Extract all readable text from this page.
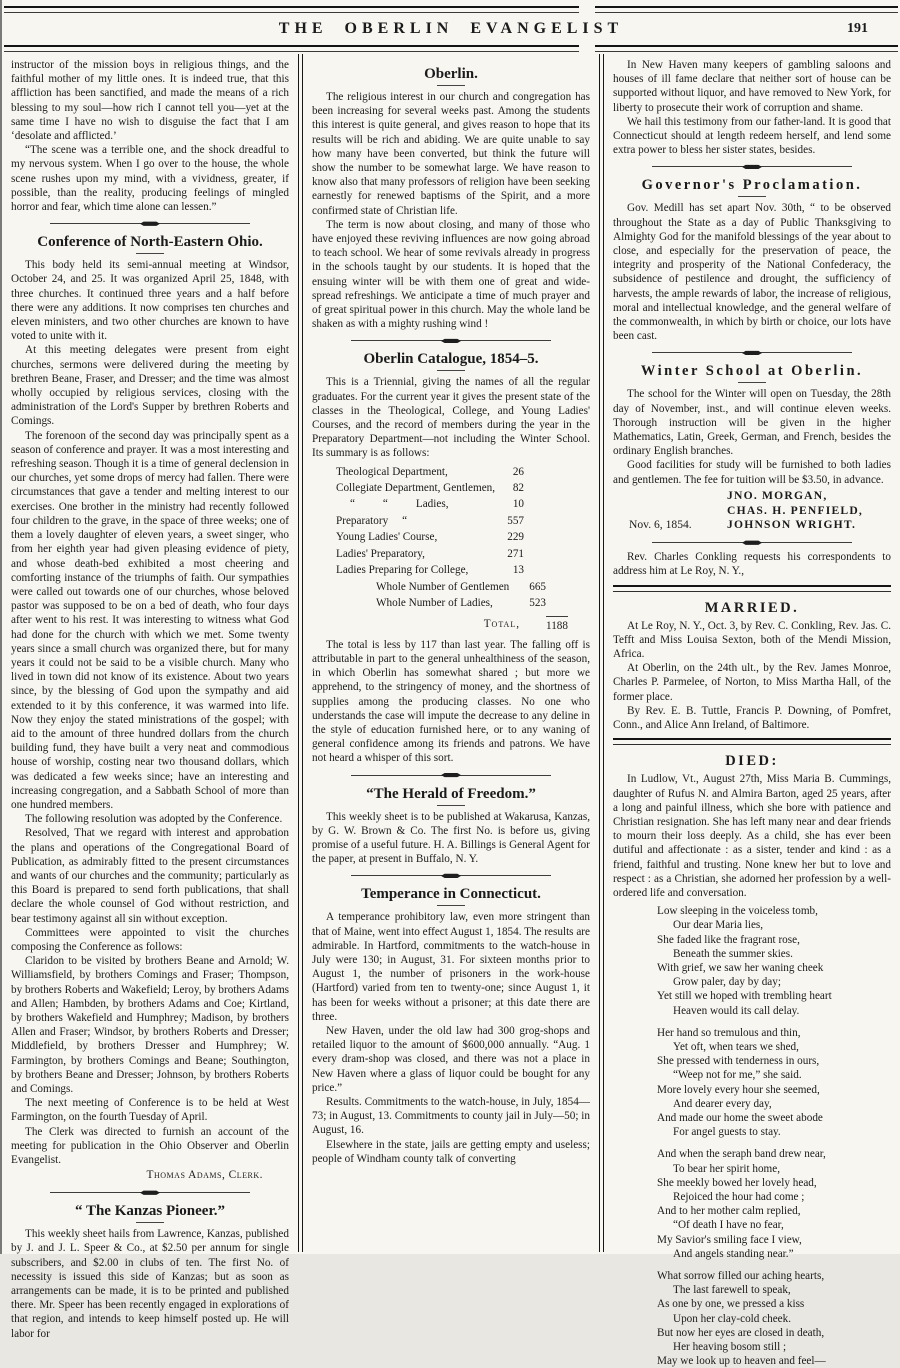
THE OBERLIN EVANGELIST	191

instructor of the mission boys in religious things, and the faithful mother of my little ones. It is indeed true, that this affliction has been sanctified, and made the means of a rich blessing to my soul—how rich I cannot tell you—yet at the same time I have no wish to disguise the fact that I am ‘desolate and afflicted.’

“The scene was a terrible one, and the shock dreadful to my nervous system. When I go over to the house, the whole scene rushes upon my mind, with a vividness, greater, if possible, than the reality, producing feelings of mingled horror and fear, which time alone can lessen.”

Conference of North-Eastern Ohio.

This body held its semi-annual meeting at Windsor, October 24, and 25. It was organized April 25, 1848, with three churches. It continued three years and a half before there were any additions. It now comprises ten churches and eleven ministers, and two other churches are known to have voted to unite with it.

At this meeting delegates were present from eight churches, sermons were delivered during the meeting by brethren Beane, Fraser, and Dresser; and the time was almost wholly occupied by religious services, closing with the administration of the Lord's Supper by brethren Roberts and Comings.

The forenoon of the second day was principally spent as a season of conference and prayer. It was a most interesting and refreshing season. Though it is a time of general declension in our churches, yet some drops of mercy had fallen. There were circumstances that gave a tender and melting interest to our exercises. One brother in the ministry had recently followed four children to the grave, in the space of three weeks; one of them a lovely daughter of eleven years, a sweet singer, who from her eighth year had given pleasing evidence of piety, and whose death-bed exhibited a most cheering and comforting instance of the triumphs of faith. Our sympathies were called out towards one of our churches, whose beloved pastor was supposed to be on a bed of death, who four days after went to his rest. It was interesting to witness what God had done for the church with which we met. Some twenty years since a small church was organized there, but for many years it could not be said to be a visible church. Many who lived in town did not know of its existence. About two years since, by the blessing of God upon the sympathy and aid extended to it by this conference, it was warmed into life. Now they enjoy the stated ministrations of the gospel; with aid to the amount of three hundred dollars from the church building fund, they have built a very neat and commodious house of worship, costing near two thousand dollars, which was dedicated a few weeks since; have an interesting and increasing congregation, and a Sabbath School of more than one hundred members.

The following resolution was adopted by the Conference.

Resolved, That we regard with interest and approbation the plans and operations of the Congregational Board of Publication, as admirably fitted to the present circumstances and wants of our churches and the community; particularly as this Board is prepared to send forth publications, that shall declare the whole counsel of God without restriction, and bear testimony against all sin without exception.

Committees were appointed to visit the churches composing the Conference as follows:

Claridon to be visited by brothers Beane and Arnold; W. Williamsfield, by brothers Comings and Fraser; Thompson, by brothers Roberts and Wakefield; Leroy, by brothers Adams and Allen; Hambden, by brothers Adams and Coe; Kirtland, by brothers Wakefield and Humphrey; Madison, by brothers Allen and Fraser; Windsor, by brothers Roberts and Dresser; Middlefield, by brothers Dresser and Humphrey; W. Farmington, by brothers Comings and Beane; Southington, by brothers Beane and Dresser; Johnson, by brothers Roberts and Comings.

The next meeting of Conference is to be held at West Farmington, on the fourth Tuesday of April.

The Clerk was directed to furnish an account of the meeting for publication in the Ohio Observer and Oberlin Evangelist.

Thomas Adams, Clerk.
“ The Kanzas Pioneer.”

This weekly sheet hails from Lawrence, Kanzas, published by J. and J. L. Speer & Co., at $2.50 per annum for single subscribers, and $2.00 in clubs of ten. The first No. of necessity is issued this side of Kanzas; but as soon as arrangements can be made, it is to be printed and published there. Mr. Speer has been recently engaged in explorations of that region, and intends to keep himself posted up. He will labor for

Oberlin.

The religious interest in our church and congregation has been increasing for several weeks past. Among the students this interest is quite general, and gives reason to hope that its results will be rich and abiding. We are quite unable to say how many have been converted, but think the future will show the number to be somewhat large. We have reason to know also that many professors of religion have been seeking earnestly for renewed baptisms of the Spirit, and a more confirmed state of Christian life.

The term is now about closing, and many of those who have enjoyed these reviving influences are now going abroad to teach school. We hear of some revivals already in progress in the schools taught by our students. It is hoped that the ensuing winter will be with them one of great and wide-spread refreshings. We anticipate a time of much prayer and of great spiritual power in this church. May the whole land be shaken as with a mighty rushing wind !

Oberlin Catalogue, 1854–5.

This is a Triennial, giving the names of all the regular graduates. For the current year it gives the present state of the classes in the Theological, College, and Young Ladies' Courses, and the record of members during the year in the Preparatory Department—not including the Winter School. Its summary is as follows:

Theological Department,	26
Collegiate Department, Gentlemen, 82
“          “          Ladies,	10
Preparatory     “	557
Young Ladies' Course,	229
Ladies' Preparatory,	271
Ladies Preparing for College,	13
Whole Number of Gentlemen 665
Whole Number of Ladies,	523
Total, 1188

The total is less by 117 than last year. The falling off is attributable in part to the general unhealthiness of the season, in which Oberlin has somewhat shared ; but more we apprehend, to the stringency of money, and the shortness of supplies among the producing classes. No one who understands the case will impute the decrease to any deline in the style of education furnished here, or to any waning of general confidence among its friends and patrons. We have not heard a whisper of this sort.

“The Herald of Freedom.”

This weekly sheet is to be published at Wakarusa, Kanzas, by G. W. Brown & Co. The first No. is before us, giving promise of a useful future. H. A. Billings is General Agent for the paper, at present in Buffalo, N. Y.

Temperance in Connecticut.

A temperance prohibitory law, even more stringent than that of Maine, went into effect August 1, 1854. The results are admirable. In Hartford, commitments to the watch-house in July were 130; in August, 31. For sixteen months prior to August 1, the number of prisoners in the work-house (Hartford) varied from ten to twenty-one; since August 1, it has been for weeks without a prisoner; at this date there are three.

New Haven, under the old law had 300 grog-shops and retailed liquor to the amount of $600,000 annually. “Aug. 1 every dram-shop was closed, and there was not a place in New Haven where a glass of liquor could be bought for any price.”

Results. Commitments to the watch-house, in July, 1854—73; in August, 13. Commitments to county jail in July—50; in August, 16.

Elsewhere in the state, jails are getting empty and useless; people of Windham county talk of converting

In New Haven many keepers of gambling saloons and houses of ill fame declare that neither sort of house can be supported without liquor, and have removed to New York, for liberty to prosecute their work of corruption and shame.

We hail this testimony from our father-land. It is good that Connecticut should at length redeem herself, and lend some extra power to bless her sister states, besides.

Governor's Proclamation.

Gov. Medill has set apart Nov. 30th, “ to be observed throughout the State as a day of Public Thanksgiving to Almighty God for the manifold blessings of the year about to close, and especially for the preservation of peace, the integrity and prosperity of the National Confederacy, the subsidence of pestilence and drought, the sufficiency of harvests, the ample rewards of labor, the increase of religious, moral and intellectual knowledge, and the general welfare of the commonwealth, in which by birth or choice, our lots have been cast.

Winter School at Oberlin.

The school for the Winter will open on Tuesday, the 28th day of November, inst., and will continue eleven weeks. Thorough instruction will be given in the higher Mathematics, Latin, Greek, German, and French, besides the ordinary English branches.

Good facilities for study will be furnished to both ladies and gentlemen. The fee for tuition will be $3.50, in advance.

Nov. 6, 1854.
JNO. MORGAN,
CHAS. H. PENFIELD,
JOHNSON WRIGHT.

Rev. Charles Conkling requests his correspondents to address him at Le Roy, N. Y.,

MARRIED.

At Le Roy, N. Y., Oct. 3, by Rev. C. Conkling, Rev. Jas. C. Tefft and Miss Louisa Sexton, both of the Mendi Mission, Africa.

At Oberlin, on the 24th ult., by the Rev. James Monroe, Charles P. Parmelee, of Norton, to Miss Martha Hall, of the former place.

By Rev. E. B. Tuttle, Francis P. Downing, of Pomfret, Conn., and Alice Ann Ireland, of Baltimore.

DIED:

In Ludlow, Vt., August 27th, Miss Maria B. Cummings, daughter of Rufus N. and Almira Barton, aged 25 years, after a long and painful illness, which she bore with patience and Christian resignation. She has left many near and dear friends to mourn their loss deeply. As a child, she has ever been dutiful and affectionate : as a sister, tender and kind : as a friend, faithful and trusting. None knew her but to love and respect : as a Christian, she adorned her profession by a well-ordered life and conversation.

Low sleeping in the voiceless tomb,
Our dear Maria lies,
She faded like the fragrant rose,
Beneath the summer skies.
With grief, we saw her waning cheek
Grow paler, day by day;
Yet still we hoped with trembling heart
Heaven would its call delay.
Her hand so tremulous and thin,
Yet oft, when tears we shed,
She pressed with tenderness in ours,
“Weep not for me,” she said.
More lovely every hour she seemed,
And dearer every day,
And made our home the sweet abode
For angel guests to stay.
And when the seraph band drew near,
To bear her spirit home,
She meekly bowed her lovely head,
Rejoiced the hour had come ;
And to her mother calm replied,
“Of death I have no fear,
My Savior's smiling face I view,
And angels standing near.”
What sorrow filled our aching hearts,
The last farewell to speak,
As one by one, we pressed a kiss
Upon her clay-cold cheek.
But now her eyes are closed in death,
Her heaving bosom still ;
May we look up to heaven and feel—
